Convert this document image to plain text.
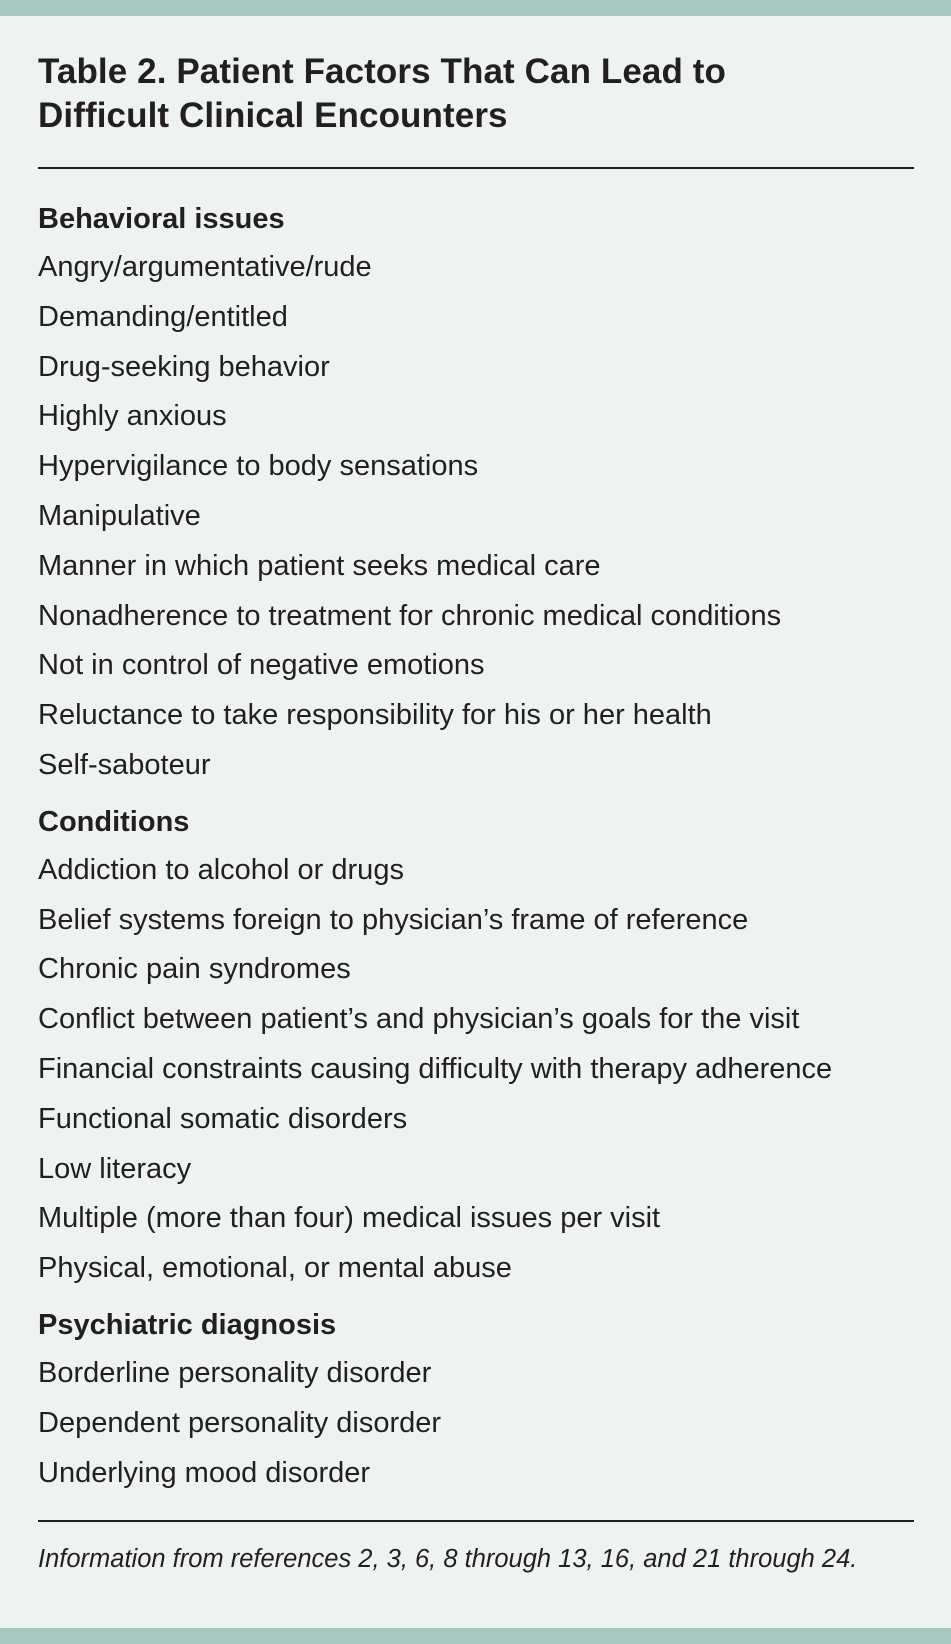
Table 2. Patient Factors That Can Lead to
Difficult Clinical Encounters
Behavioral issues
Angry/argumentative/rude
Demanding/entitled
Drug-seeking behavior
Highly anxious
Hypervigilance to body sensations
Manipulative
Manner in which patient seeks medical care
Nonadherence to treatment for chronic medical conditions
Not in control of negative emotions
Reluctance to take responsibility for his or her health
Self-saboteur
Conditions
Addiction to alcohol or drugs
Belief systems foreign to physician’s frame of reference
Chronic pain syndromes
Conflict between patient’s and physician’s goals for the visit
Financial constraints causing difficulty with therapy adherence
Functional somatic disorders
Low literacy
Multiple (more than four) medical issues per visit
Physical, emotional, or mental abuse
Psychiatric diagnosis
Borderline personality disorder
Dependent personality disorder
Underlying mood disorder

Information from references 2, 3, 6, 8 through 13, 16, and 21 through 24.
